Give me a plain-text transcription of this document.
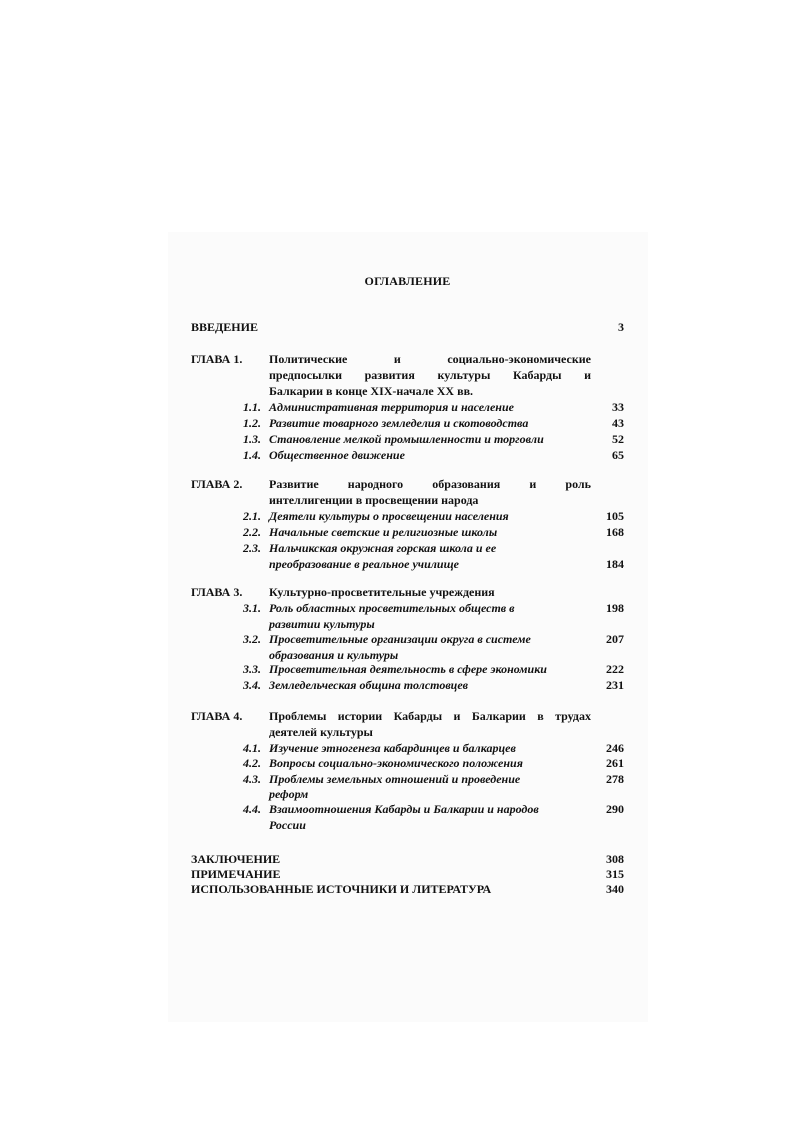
ОГЛАВЛЕНИЕ
ВВЕДЕНИЕ	3
ГЛАВА 1. Политические и социально-экономические
предпосылки развития культуры Кабарды и
Балкарии в конце XIX-начале XX вв.
1.1. Административная территория и население	33
1.2. Развитие товарного земледелия и скотоводства	43
1.3. Становление мелкой промышленности и торговли	52
1.4. Общественное движение	65
ГЛАВА 2. Развитие народного образования и роль
интеллигенции в просвещении народа
2.1. Деятели культуры о просвещении населения	105
2.2. Начальные светские и религиозные школы	168
2.3. Нальчикская окружная горская школа и ее
преобразование в реальное училище	184
ГЛАВА 3. Культурно-просветительные учреждения
3.1. Роль областных просветительных обществ в	198
развитии культуры
3.2. Просветительные организации округа в системе	207
образования и культуры
3.3. Просветительная деятельность в сфере экономики	222
3.4. Земледельческая община толстовцев	231
ГЛАВА 4. Проблемы истории Кабарды и Балкарии в трудах
деятелей культуры
4.1. Изучение этногенеза кабардинцев и балкарцев	246
4.2. Вопросы социально-экономического положения	261
4.3. Проблемы земельных отношений и проведение	278
реформ
4.4. Взаимоотношения Кабарды и Балкарии и народов	290
России
ЗАКЛЮЧЕНИЕ	308
ПРИМЕЧАНИЕ	315
ИСПОЛЬЗОВАННЫЕ ИСТОЧНИКИ И ЛИТЕРАТУРА	340
